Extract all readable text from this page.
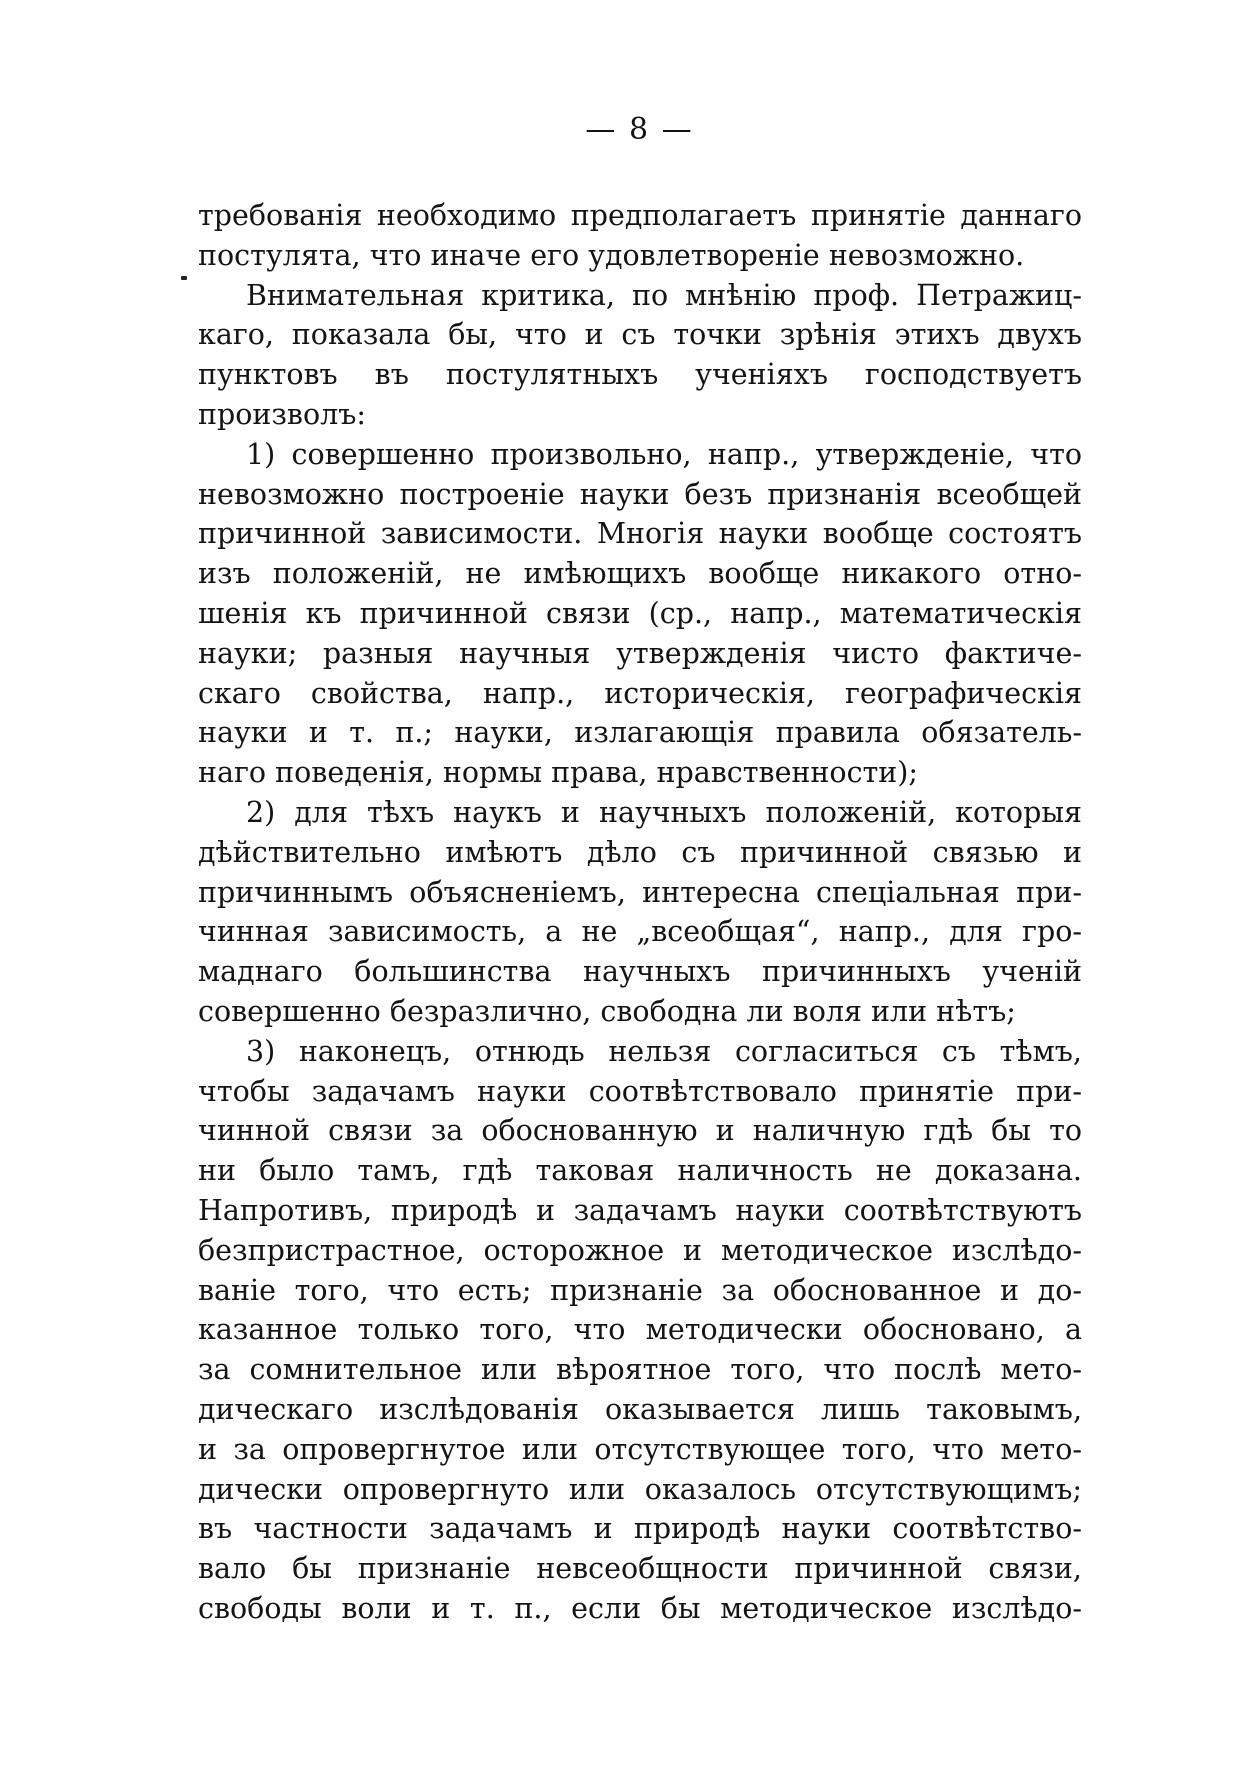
— 8 —
требованія необходимо предполагаетъ принятіе даннаго
постулята, что иначе его удовлетвореніе невозможно.
Внимательная критика, по мнѣнію проф. Петражиц-
каго, показала бы, что и съ точки зрѣнія этихъ двухъ
пунктовъ въ постулятныхъ ученіяхъ господствуетъ
произволъ:
1) совершенно произвольно, напр., утвержденіе, что
невозможно построеніе науки безъ признанія всеобщей
причинной зависимости. Многія науки вообще состоятъ
изъ положеній, не имѣющихъ вообще никакого отно-
шенія къ причинной связи (ср., напр., математическія
науки; разныя научныя утвержденія чисто фактиче-
скаго свойства, напр., историческія, географическія
науки и т. п.; науки, излагающія правила обязатель-
наго поведенія, нормы права, нравственности);
2) для тѣхъ наукъ и научныхъ положеній, которыя
дѣйствительно имѣютъ дѣло съ причинной связью и
причиннымъ объясненіемъ, интересна спеціальная при-
чинная зависимость, а не „всеобщая“, напр., для гро-
маднаго большинства научныхъ причинныхъ ученій
совершенно безразлично, свободна ли воля или нѣтъ;
3) наконецъ, отнюдь нельзя согласиться съ тѣмъ,
чтобы задачамъ науки соотвѣтствовало принятіе при-
чинной связи за обоснованную и наличную гдѣ бы то
ни было тамъ, гдѣ таковая наличность не доказана.
Напротивъ, природѣ и задачамъ науки соотвѣтствуютъ
безпристрастное, осторожное и методическое изслѣдо-
ваніе того, что есть; признаніе за обоснованное и до-
казанное только того, что методически обосновано, а
за сомнительное или вѣроятное того, что послѣ мето-
дическаго изслѣдованія оказывается лишь таковымъ,
и за опровергнутое или отсутствующее того, что мето-
дически опровергнуто или оказалось отсутствующимъ;
въ частности задачамъ и природѣ науки соотвѣтство-
вало бы признаніе невсеобщности причинной связи,
свободы воли и т. п., если бы методическое изслѣдо-
